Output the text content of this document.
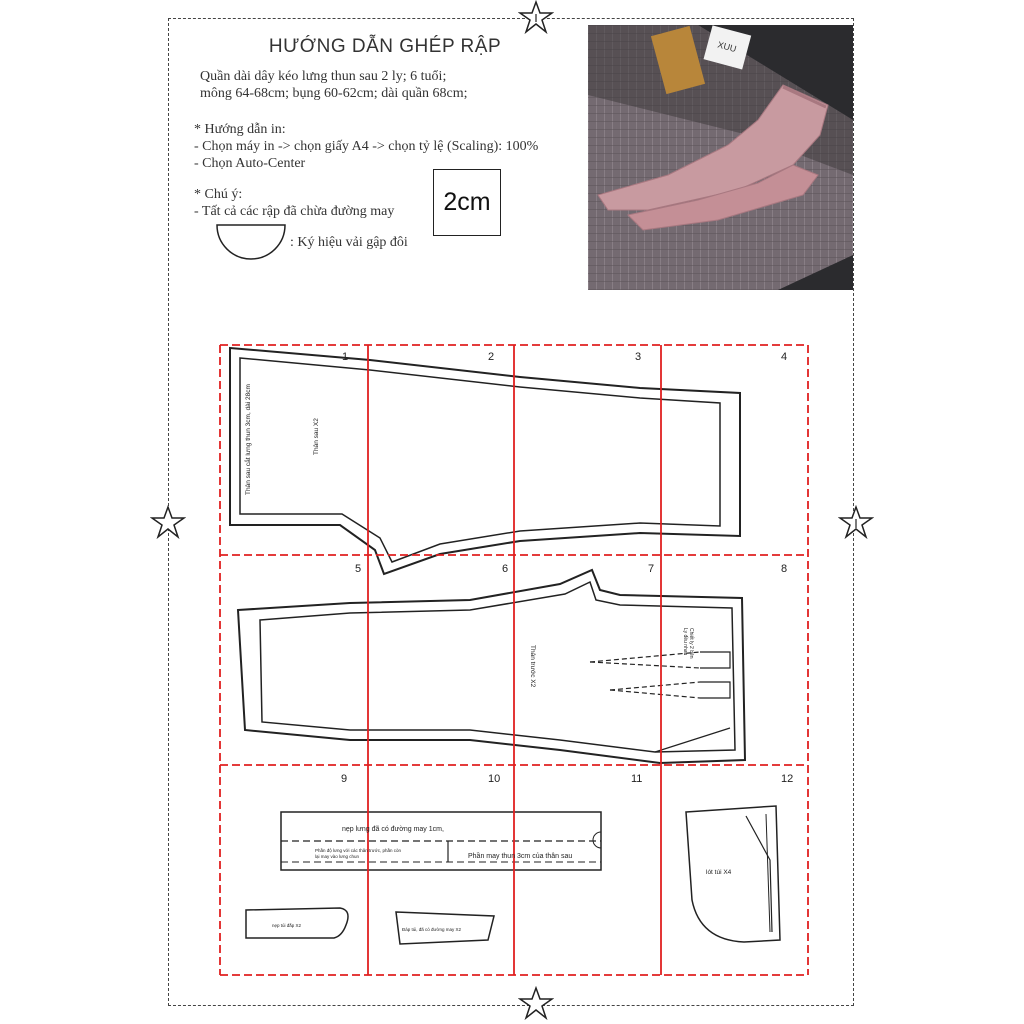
HƯỚNG DẪN GHÉP RẬP
Quần dài dây kéo lưng thun sau 2 ly; 6 tuổi;
mông 64-68cm; bụng 60-62cm; dài quần 68cm;
* Hướng dẫn in:
- Chọn máy in -> chọn giấy A4 -> chọn tỷ lệ (Scaling): 100%
- Chọn Auto-Center
* Chú ý:
- Tất cả các rập đã chừa đường may
: Ký hiệu vải gập đôi
2cm
XUU
1	2	3	4
5	6	7	8
9	10	11	12
Thân sau cắt lưng thun 3cm, dài 28cm	Thân sau X2
Thân trước X2
Ly đều nhau Chiết ly 2 bên
nẹp lưng đã có đường may 1cm,
Phần độ lưng với các thân trước, phần còn
lại may vào lưng chun	Phần may thun 3cm của thân sau
nẹp túi đắp X2
Đáp túi, đã có đường may X2
lót túi X4
